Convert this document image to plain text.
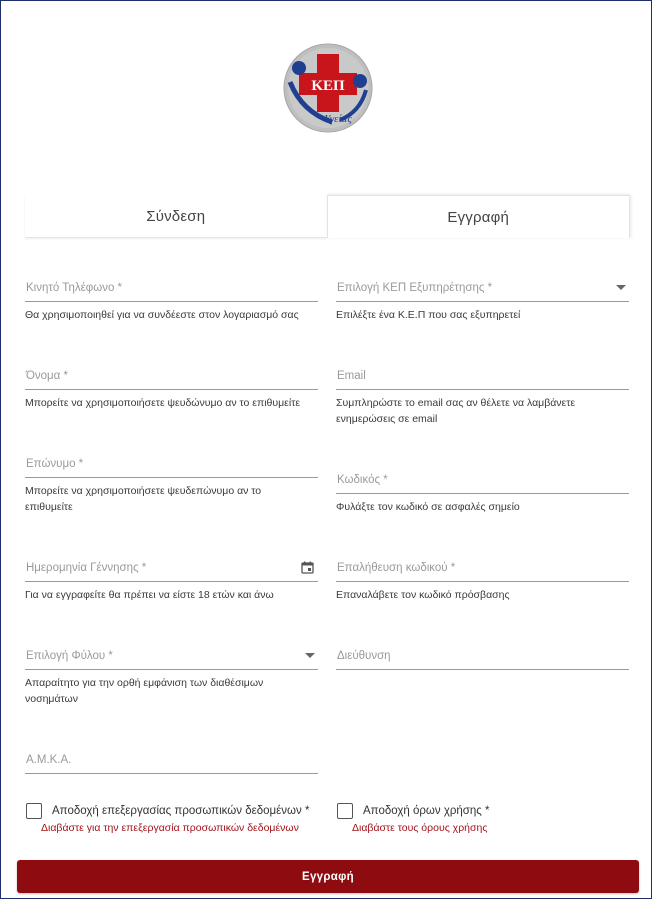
ΚΕΠ
Υγείας
Σύνδεση	Εγγραφή
Κινητό Τηλέφωνο *
Θα χρησιμοποιηθεί για να συνδέεστε στον λογαριασμό σας
Επιλογή ΚΕΠ Εξυπηρέτησης *
Επιλέξτε ένα Κ.Ε.Π που σας εξυπηρετεί
Όνομα *
Μπορείτε να χρησιμοποιήσετε ψευδώνυμο αν το επιθυμείτε
Email
Συμπληρώστε το email σας αν θέλετε να λαμβάνετε ενημερώσεις σε email
Επώνυμο *
Μπορείτε να χρησιμοποιήσετε ψευδεπώνυμο αν το επιθυμείτε
Κωδικός *
Φυλάξτε τον κωδικό σε ασφαλές σημείο
Ημερομηνία Γέννησης *
Για να εγγραφείτε θα πρέπει να είστε 18 ετών και άνω
Επαλήθευση κωδικού *
Επαναλάβετε τον κωδικό πρόσβασης
Επιλογή Φύλου *
Απαραίτητο για την ορθή εμφάνιση των διαθέσιμων νοσημάτων
Διεύθυνση
Α.Μ.Κ.Α.
Αποδοχή επεξεργασίας προσωπικών δεδομένων *
Διαβάστε για την επεξεργασία προσωπικών δεδομένων
Αποδοχή όρων χρήσης *
Διαβάστε τους όρους χρήσης
Εγγραφή
